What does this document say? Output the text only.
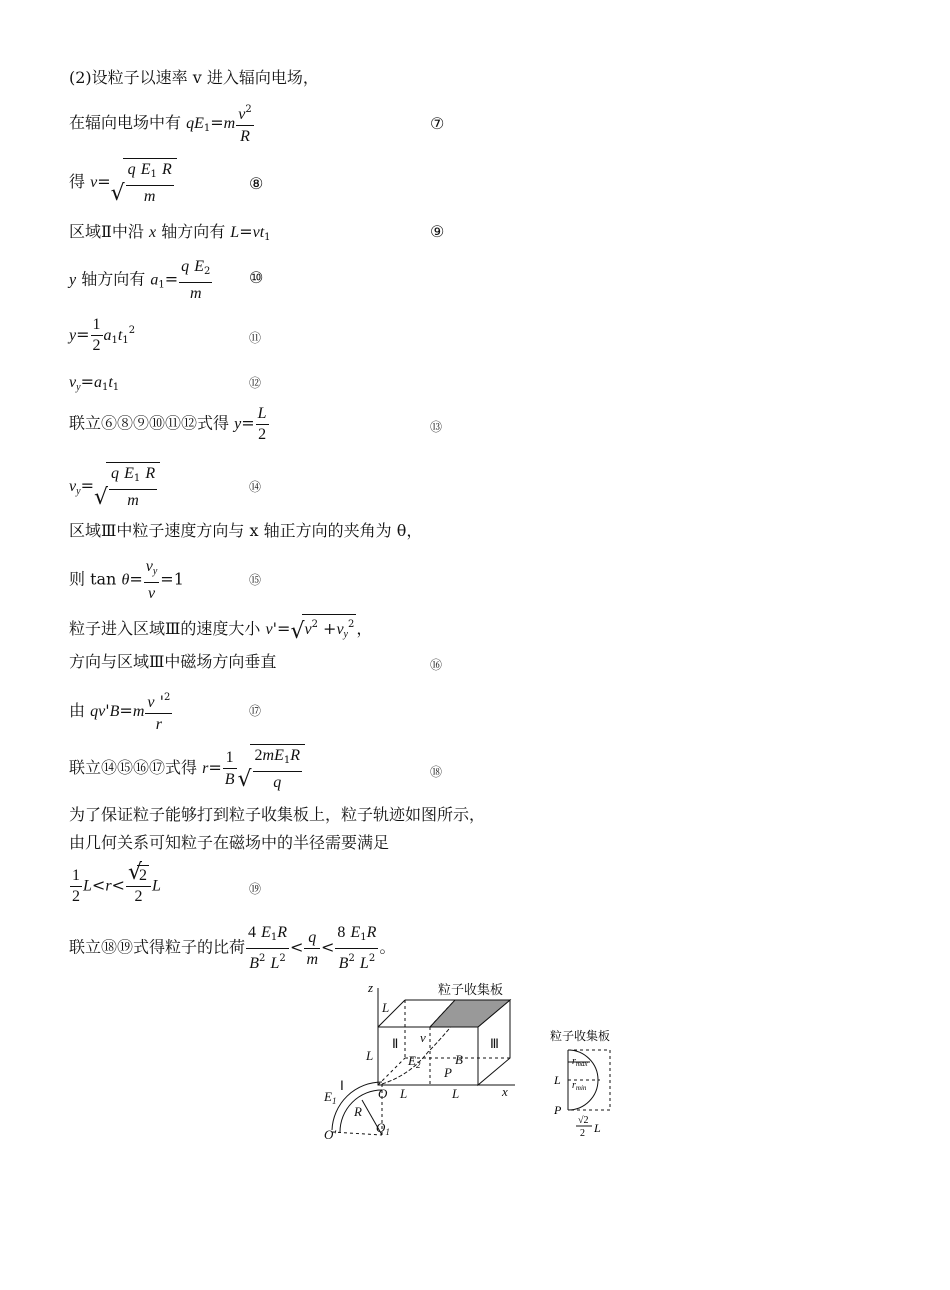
(2)设粒子以速率 v 进入辐向电场，
在辐向电场中有 $qE_1=m \frac{v^2}{R}$	⑦
得 v= √ $\frac{q E_1 R}{m}$	⑧
区域Ⅱ中沿 x 轴方向有 $L=vt_1$	⑨
y 轴方向有 $a_1= \frac{q E_2}{m}$ ⑩
$y= \frac{1}{2} a_1t_1^2$
⑪
$v_y=a_1t_1$	⑫
联立⑥⑧⑨⑩⑪⑫式得 $y= \frac{L}{2}$	⑬
$v_y=$ √ $\frac{q E_1 R}{m}$	⑭
区域Ⅲ中粒子速度方向与 x 轴正方向的夹角为 θ，
则 $\tan \theta= \frac{v_y}{v} =1$	⑮
粒子进入区域Ⅲ的速度大小 v'= √ $v^2 +v_y^2$ ，
方向与区域Ⅲ中磁场方向垂直	⑯
由 $qv'B=m \frac{v '^2}{r}$	⑰
联立⑭⑮⑯⑰式得 $r= \frac{1}{B}$ √ $\frac{2mE_1R}{q}$	⑱
为了保证粒子能够打到粒子收集板上，粒子轨迹如图所示，
由几何关系可知粒子在磁场中的半径需要满足
$\frac{1}{2} L<r<$ √ $\frac{2}{2}$ L	⑲
联立⑱⑲式得粒子的比荷 $\frac{4 E_1R}{B^2 L^2} < \frac{q}{m} < \frac{8 E_1R}{B^2 L^2}$ 。
粒子收集板
z
x
L
L
L	L
Ⅱ	Ⅲ
Ⅰ
O
O'	$O_1$
$E_1$
$E_2$
R
B
P
v	粒子收集板
$r_{max}$
$r_{min}$
L
P
√2
2 L
